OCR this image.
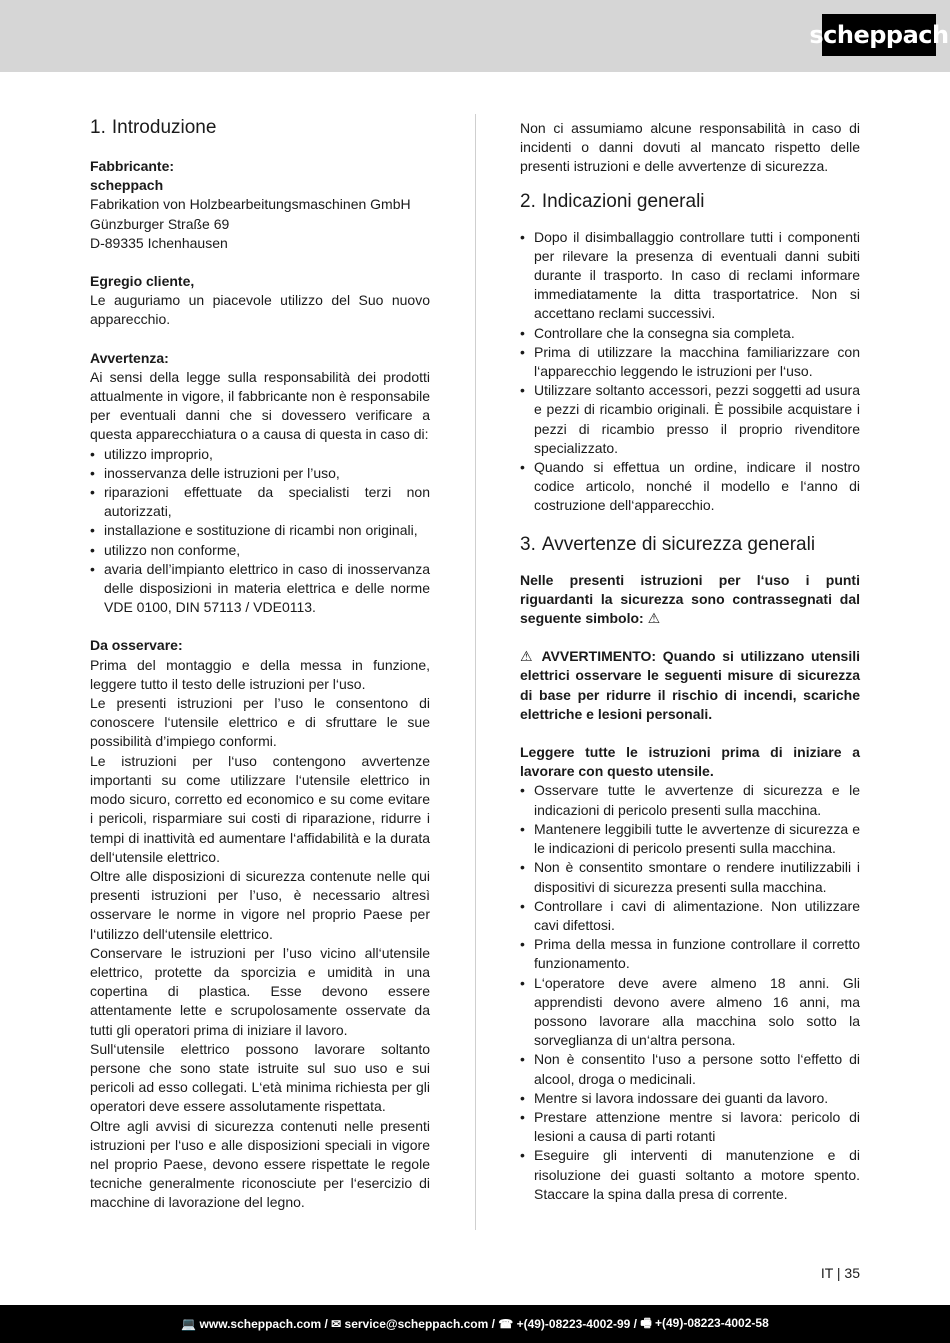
scheppach
1. Introduzione

Fabbricante:

scheppach

Fabrikation von Holzbearbeitungsmaschinen GmbH

Günzburger Straße 69

D-89335 Ichenhausen

Egregio cliente,

Le auguriamo un piacevole utilizzo del Suo nuovo apparecchio.

Avvertenza:

Ai sensi della legge sulla responsabilità dei prodotti attualmente in vigore, il fabbricante non è responsabile per eventuali danni che si dovessero verificare a questa apparecchiatura o a causa di questa in caso di:

• utilizzo improprio,
• inosservanza delle istruzioni per l’uso,
• riparazioni effettuate da specialisti terzi non autorizzati,
• installazione e sostituzione di ricambi non originali,
• utilizzo non conforme,
• avaria dell’impianto elettrico in caso di inosservanza delle disposizioni in materia elettrica e delle norme VDE 0100, DIN 57113 / VDE0113.

Da osservare:

Prima del montaggio e della messa in funzione, leggere tutto il testo delle istruzioni per l‘uso.

Le presenti istruzioni per l’uso le consentono di conoscere l‘utensile elettrico e di sfruttare le sue possibilità d’impiego conformi.

Le istruzioni per l‘uso contengono avvertenze importanti su come utilizzare l‘utensile elettrico in modo sicuro, corretto ed economico e su come evitare i pericoli, risparmiare sui costi di riparazione, ridurre i tempi di inattività ed aumentare l‘affidabilità e la durata dell‘utensile elettrico.

Oltre alle disposizioni di sicurezza contenute nelle qui presenti istruzioni per l’uso, è necessario altresì osservare le norme in vigore nel proprio Paese per l‘utilizzo dell‘utensile elettrico.

Conservare le istruzioni per l’uso vicino all‘utensile elettrico, protette da sporcizia e umidità in una copertina di plastica. Esse devono essere attentamente lette e scrupolosamente osservate da tutti gli operatori prima di iniziare il lavoro.

Sull‘utensile elettrico possono lavorare soltanto persone che sono state istruite sul suo uso e sui pericoli ad esso collegati. L‘età minima richiesta per gli operatori deve essere assolutamente rispettata.

Oltre agli avvisi di sicurezza contenuti nelle presenti istruzioni per l‘uso e alle disposizioni speciali in vigore nel proprio Paese, devono essere rispettate le regole tecniche generalmente riconosciute per l‘esercizio di macchine di lavorazione del legno.

Non ci assumiamo alcune responsabilità in caso di incidenti o danni dovuti al mancato rispetto delle presenti istruzioni e delle avvertenze di sicurezza.

2. Indicazioni generali
• Dopo il disimballaggio controllare tutti i componenti per rilevare la presenza di eventuali danni subiti durante il trasporto. In caso di reclami informare immediatamente la ditta trasportatrice. Non si accettano reclami successivi.
• Controllare che la consegna sia completa.
• Prima di utilizzare la macchina familiarizzare con l‘apparecchio leggendo le istruzioni per l‘uso.
• Utilizzare soltanto accessori, pezzi soggetti ad usura e pezzi di ricambio originali. È possibile acquistare i pezzi di ricambio presso il proprio rivenditore specializzato.
• Quando si effettua un ordine, indicare il nostro codice articolo, nonché il modello e l‘anno di costruzione dell‘apparecchio.
3. Avvertenze di sicurezza generali

Nelle presenti istruzioni per l‘uso i punti riguardanti la sicurezza sono contrassegnati dal seguente simbolo: ⚠

⚠ AVVERTIMENTO: Quando si utilizzano utensili elettrici osservare le seguenti misure di sicurezza di base per ridurre il rischio di incendi, scariche elettriche e lesioni personali.

Leggere tutte le istruzioni prima di iniziare a lavorare con questo utensile.

• Osservare tutte le avvertenze di sicurezza e le indicazioni di pericolo presenti sulla macchina.
• Mantenere leggibili tutte le avvertenze di sicurezza e le indicazioni di pericolo presenti sulla macchina.
• Non è consentito smontare o rendere inutilizzabili i dispositivi di sicurezza presenti sulla macchina.
• Controllare i cavi di alimentazione. Non utilizzare cavi difettosi.
• Prima della messa in funzione controllare il corretto funzionamento.
• L‘operatore deve avere almeno 18 anni. Gli apprendisti devono avere almeno 16 anni, ma possono lavorare alla macchina solo sotto la sorveglianza di un‘altra persona.
• Non è consentito l‘uso a persone sotto l‘effetto di alcool, droga o medicinali.
• Mentre si lavora indossare dei guanti da lavoro.
• Prestare attenzione mentre si lavora: pericolo di lesioni a causa di parti rotanti
• Eseguire gli interventi di manutenzione e di risoluzione dei guasti soltanto a motore spento. Staccare la spina dalla presa di corrente.
IT | 35
💻 www.scheppach.com / ✉ service@scheppach.com / ☎ +(49)-08223-4002-99 / 🖷 +(49)-08223-4002-58
